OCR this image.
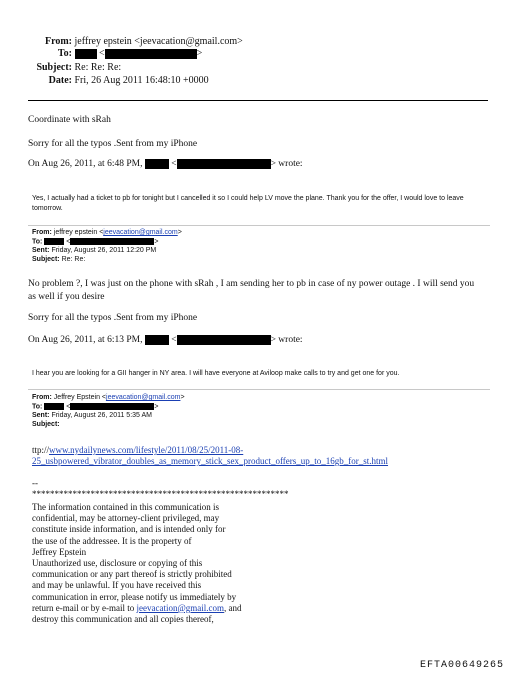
From: jeffrey epstein <jeevacation@gmail.com>
To:	<	>
Subject: Re: Re: Re:
Date: Fri, 26 Aug 2011 16:48:10 +0000
Coordinate with sRah
Sorry for all the typos .Sent from my iPhone
On Aug 26, 2011, at 6:48 PM,	<	> wrote:
Yes, I actually had a ticket to pb for tonight but I cancelled it so I could help LV move the plane. Thank you for the offer, I would love to leave tomorrow.
From: jeffrey epstein <jeevacation@gmail.com>
To:	<	>
Sent: Friday, August 26, 2011 12:20 PM
Subject: Re: Re:
No problem ?, I was just on the phone with sRah , I am sending her to pb in case of ny power outage . I will send you as well if you desire
Sorry for all the typos .Sent from my iPhone
On Aug 26, 2011, at 6:13 PM,	<	> wrote:
I hear you are looking for a GII hanger in NY area. I will have everyone at Aviloop make calls to try and get one for you.
From: Jeffrey Epstein <jeevacation@gmail.com>
To:	<	>
Sent: Friday, August 26, 2011 5:35 AM
Subject:
ttp://www.nydailynews.com/lifestyle/2011/08/25/2011-08-
25_usbpowered_vibrator_doubles_as_memory_stick_sex_product_offers_up_to_16gb_for_st.html
--
*********************************************************
The information contained in this communication is
confidential, may be attorney-client privileged, may
constitute inside information, and is intended only for
the use of the addressee. It is the property of
Jeffrey Epstein
Unauthorized use, disclosure or copying of this
communication or any part thereof is strictly prohibited
and may be unlawful. If you have received this
communication in error, please notify us immediately by
return e-mail or by e-mail to jeevacation@gmail.com, and
destroy this communication and all copies thereof,
EFTA00649265
